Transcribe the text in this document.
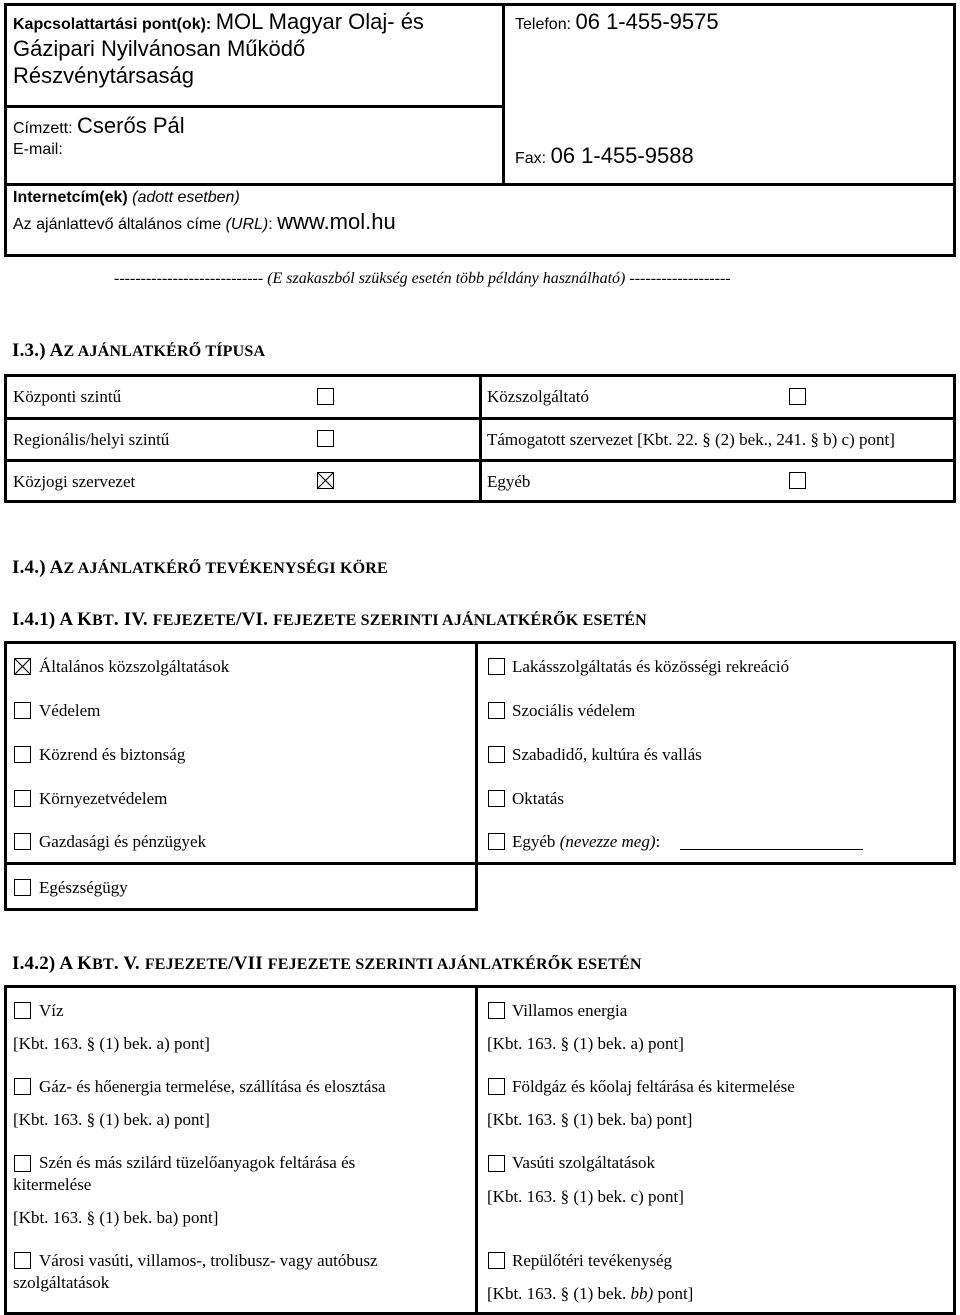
Kapcsolattartási pont(ok): MOL Magyar Olaj- és
Gázipari Nyilvánosan Működő
Részvénytársaság
Telefon: 06 1-455-9575
Címzett: Cserős Pál
E-mail:
Fax: 06 1-455-9588
Internetcím(ek) (adott esetben)
Az ajánlattevő általános címe (URL): www.mol.hu
---------------------------- (E szakaszból szükség esetén több példány használható) -------------------
I.3.) AZ AJÁNLATKÉRŐ TÍPUSA
Központi szintű	Közszolgáltató
Regionális/helyi szintű	Támogatott szervezet [Kbt. 22. § (2) bek., 241. § b) c) pont]
Közjogi szervezet	Egyéb
I.4.) AZ AJÁNLATKÉRŐ TEVÉKENYSÉGI KÖRE
I.4.1) A KBT. IV. FEJEZETE/VI. FEJEZETE SZERINTI AJÁNLATKÉRŐK ESETÉN
Általános közszolgáltatások
Védelem
Közrend és biztonság
Környezetvédelem
Gazdasági és pénzügyek
Egészségügy
Lakásszolgáltatás és közösségi rekreáció
Szociális védelem
Szabadidő, kultúra és vallás
Oktatás
Egyéb (nevezze meg):
I.4.2) A KBT. V. FEJEZETE/VII FEJEZETE SZERINTI AJÁNLATKÉRŐK ESETÉN
Víz
[Kbt. 163. § (1) bek. a) pont]
Gáz- és hőenergia termelése, szállítása és elosztása
[Kbt. 163. § (1) bek. a) pont]
Szén és más szilárd tüzelőanyagok feltárása és
kitermelése
[Kbt. 163. § (1) bek. ba) pont]
Városi vasúti, villamos-, trolibusz- vagy autóbusz
szolgáltatások
Villamos energia
[Kbt. 163. § (1) bek. a) pont]
Földgáz és kőolaj feltárása és kitermelése
[Kbt. 163. § (1) bek. ba) pont]
Vasúti szolgáltatások
[Kbt. 163. § (1) bek. c) pont]
Repülőtéri tevékenység
[Kbt. 163. § (1) bek. bb) pont]
